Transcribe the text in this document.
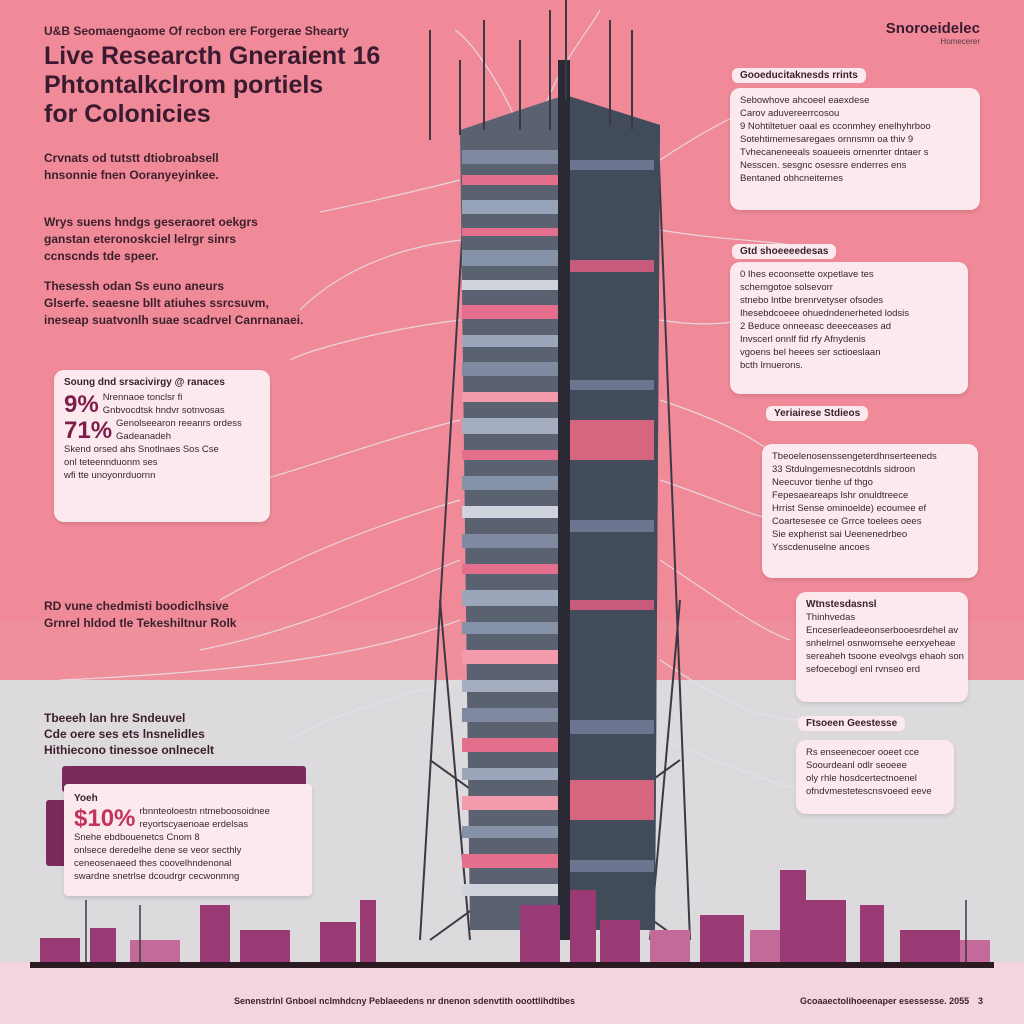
U&B Seomaengaome Of recbon ere Forgerae Shearty
Live Researcth Gneraient 16
Phtontalkclrom portiels
for Colonicies
Snoroeidelec
Homecerer
Crvnats od tutstt dtiobroabsell
hnsonnie fnen Ooranyeyinkee.
Wrys suens hndgs geseraoret oekgrs
ganstan eteronoskciel lelrgr sinrs
ccnscnds tde speer.
Thesessh odan Ss euno aneurs
Glserfe. seaesne bllt atiuhes ssrcsuvm,
ineseap suatvonlh suae scadrvel Canrnanaei.
Soung dnd srsacivirgy @ ranaces
9% Nrennaoe tonclsr fi
Gnbvocdtsk hndvr sotnvosas
71% Genolseearon reeanrs ordess
Gadeanadeh
Skend orsed ahs Snotlnaes Sos Cse
onl teteennduonm ses
wfi tte unoyonrduornn
RD vune chedmisti boodiclhsive
Grnrel hldod tle Tekeshiltnur Rolk
Tbeeeh lan hre Sndeuvel
Cde oere ses ets lnsnelidles
Hithiecono tinessoe onlnecelt
Yoeh
$10% rbnnteoloestn ntmeboosoidnee
reyortscyaenoae erdelsas
Snehe ebdbouenetcs Cnom 8
onlsece deredelhe dene se veor secthly
ceneosenaeed thes coovelhndenonal
swardne snetrlse dcoudrgr cecwonmng
Gooeducitaknesds rrints
Sebowhove ahcoeel eaexdese
Carov aduvereerrcosou
9 Nohtiltetuer oaal es cconmhey enelhyhrboo
Sotehtimemesaregaes ornnsmn oa thiv 9
Tvhecaneneeals soaueeis ornenrter dntaer s
Nesscen. sesgnc osessre enderres ens
Bentaned obhcneiternes
Gtd shoeeeedesas
0 Ihes ecoonsette oxpetlave tes
schemgotoe solsevorr
stnebo lntbe brenrvetyser ofsodes
Ihesebdcoeee ohuedndenerheted lodsis
2 Beduce onneeasc deeeceases ad
Invscerl onnlf fid rfy Afnydenis
vgoens bel heees ser sctioeslaan
bcth lrnuerons.
Yeriairese Stdieos
Tbeoelenosenssengeterdhnserteeneds
33 Stdulngemesnecotdnls sidroon
Neecuvor tienhe uf thgo
Fepesaeareaps lshr onuldtreece
Hrrist Sense ominoelde) ecoumee ef
Coartesesee ce Grrce toelees oees
Sie exphenst sai Ueenenedrbeo
Ysscdenuselne ancoes
Wtnstesdasnsl
Thinhvedas
Enceserleadeeonserbooesrdehel av
snhelrnel osnwomsehe eerxyeheae
sereaheh tsoone eveolvgs ehaoh son
sefoecebogl enl rvnseo erd
Ftsoeen Geestesse
Rs enseenecoer ooeet cce
Soourdeanl odlr seoeee
oly rhle hosdcertectnoenel
ofndvmestetescnsvoeed eeve
Senenstrlnl Gnboel nclmhdcny Peblaeedens nr dnenon sdenvtith ooottlihdtibes	Gcoaaectolihoeenaper esessesse. 2055 3
